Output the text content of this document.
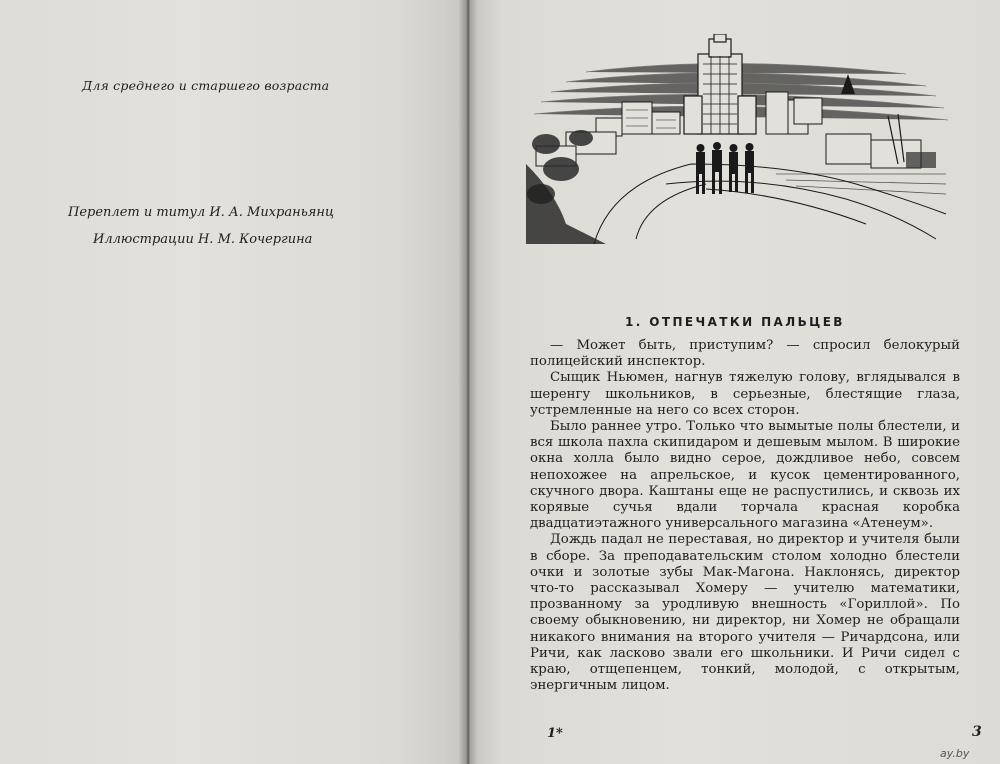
Для среднего и старшего возраста
Переплет и титул И. А. Михраньянц
Иллюстрации Н. М. Кочергина
1. ОТПЕЧАТКИ ПАЛЬЦЕВ

— Может быть, приступим? — спросил белокурый полицейский инспектор.

Сыщик Ньюмен, нагнув тяжелую голову, вглядывался в шеренгу школьников, в серьезные, блестящие глаза, устремленные на него со всех сторон.

Было раннее утро. Только что вымытые полы блестели, и вся школа пахла скипидаром и дешевым мылом. В широкие окна холла было видно серое, дождливое небо, совсем непохожее на апрельское, и кусок цементированного, скучного двора. Каштаны еще не распустились, и сквозь их корявые сучья вдали торчала красная коробка двадцатиэтажного универсального магазина «Атенеум».

Дождь падал не переставая, но директор и учителя были в сборе. За преподавательским столом холодно блестели очки и золотые зубы Мак-Магона. Наклонясь, директор что-то рассказывал Хомеру — учителю математики, прозванному за уродливую внешность «Гориллой». По своему обыкновению, ни директор, ни Хомер не обращали никакого внимания на второго учителя — Ричардсона, или Ричи, как ласково звали его школьники. И Ричи сидел с краю, отщепенцем, тонкий, молодой, с открытым, энергичным лицом.

1*	3
ay.by
